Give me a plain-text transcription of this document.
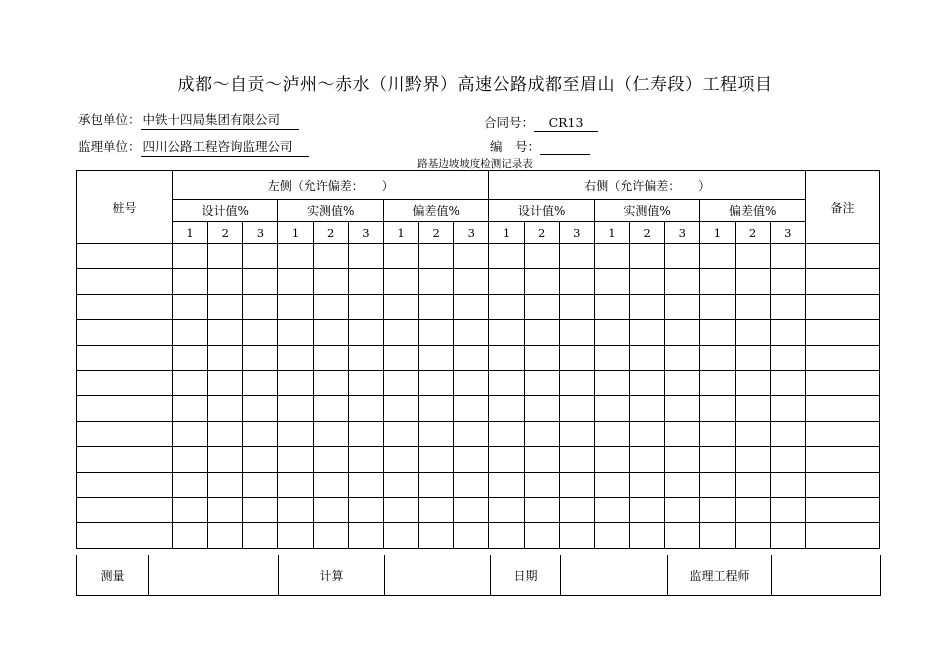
成都～自贡～泸州～赤水（川黔界）高速公路成都至眉山（仁寿段）工程项目
承包单位： 中铁十四局集团有限公司
监理单位： 四川公路工程咨询监理公司
合同号： CR13
编　号：
路基边坡坡度检测记录表
桩号	左侧（允许偏差：　　）									右侧（允许偏差：　　）									备注
	设计值%			实测值%			偏差值%			设计值%			实测值%			偏差值%			
	1	2	3	1	2	3	1	2	3	1	2	3	1	2	3	1	2	3	

测量		计算		日期		监理工程师	
